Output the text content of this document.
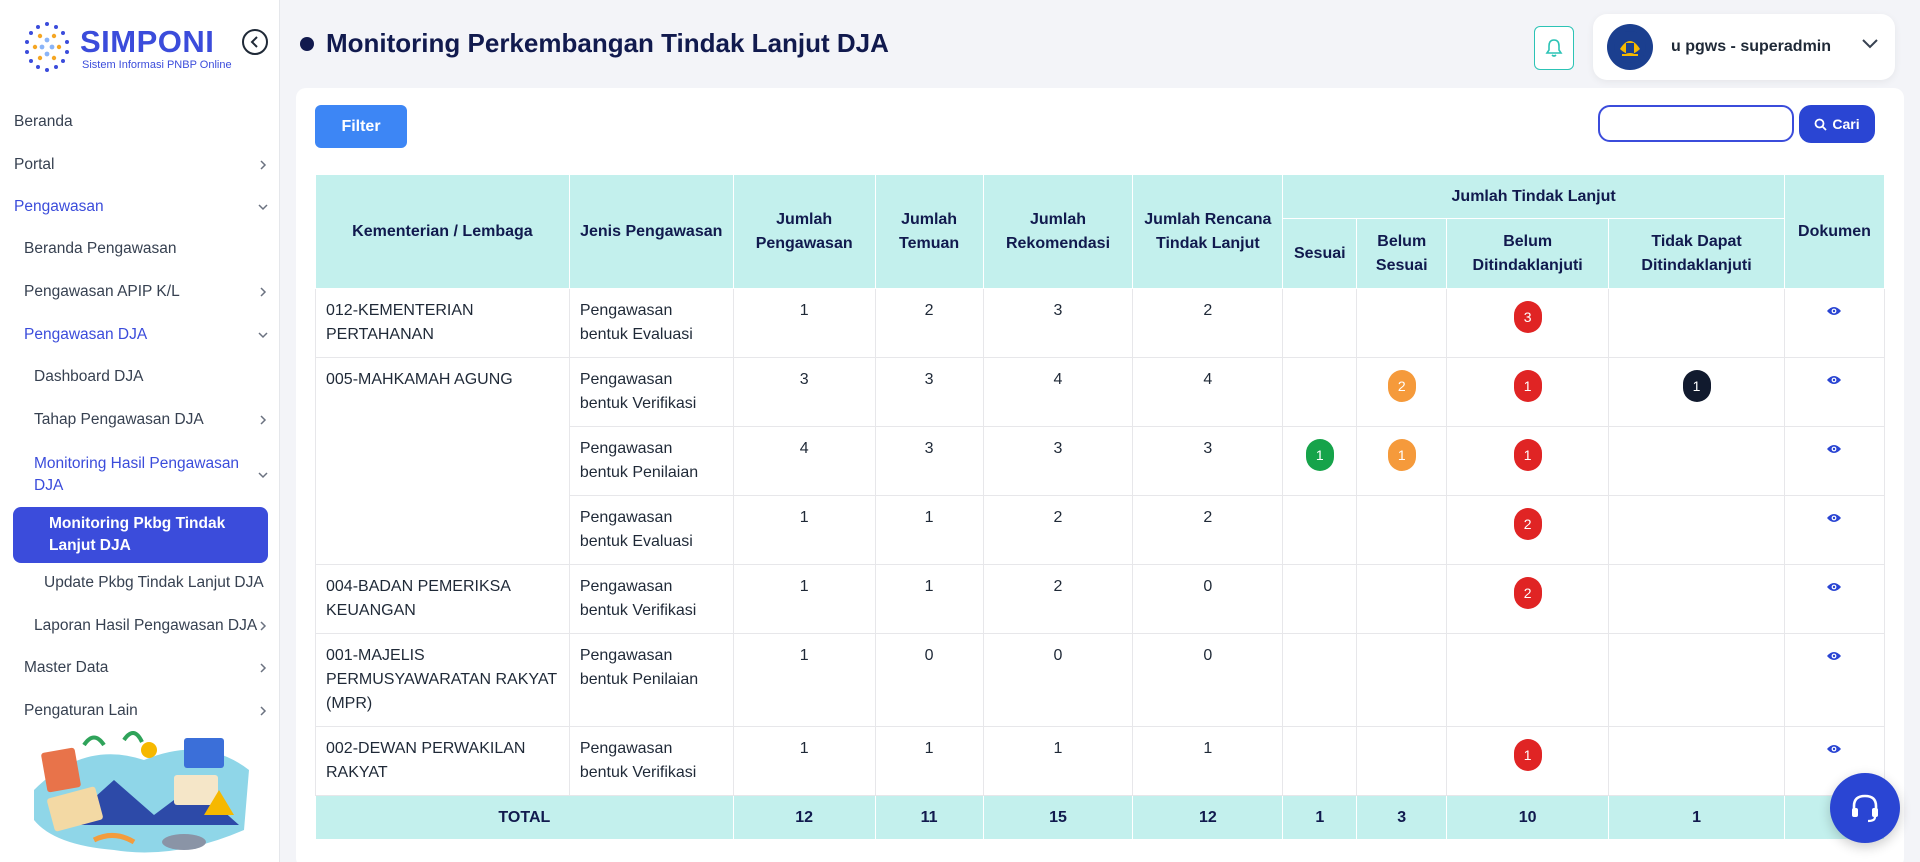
SIMPONI
Sistem Informasi PNBP Online
Beranda
Portal
Pengawasan
Beranda Pengawasan
Pengawasan APIP K/L
Pengawasan DJA
Dashboard DJA
Tahap Pengawasan DJA
Monitoring Hasil Pengawasan DJA
Monitoring Pkbg Tindak Lanjut DJA
Update Pkbg Tindak Lanjut DJA
Laporan Hasil Pengawasan DJA
Master Data
Pengaturan Lain
Monitoring Perkembangan Tindak Lanjut DJA	u pgws - superadmin
Filter	Cari
Kementerian / Lembaga	Jenis Pengawasan	Jumlah Pengawasan	Jumlah Temuan	Jumlah Rekomendasi	Jumlah Rencana Tindak Lanjut	Jumlah Tindak Lanjut				Dokumen
						Sesuai	Belum Sesuai	Belum Ditindaklanjuti	Tidak Dapat Ditindaklanjuti	
012-KEMENTERIAN PERTAHANAN	Pengawasan bentuk Evaluasi	1	2	3	2			3		

005-MAHKAMAH AGUNG	Pengawasan bentuk Verifikasi	3	3	4	4		2	1	1	

	Pengawasan bentuk Penilaian	4	3	3	3	1	1	1		

	Pengawasan bentuk Evaluasi	1	1	2	2			2		

004-BADAN PEMERIKSA KEUANGAN	Pengawasan bentuk Verifikasi	1	1	2	0			2		

001-MAJELIS PERMUSYAWARATAN RAKYAT (MPR)	Pengawasan bentuk Penilaian	1	0	0	0					

002-DEWAN PERWAKILAN RAKYAT	Pengawasan bentuk Verifikasi	1	1	1	1			1		

TOTAL		12	11	15	12	1	3	10	1	
